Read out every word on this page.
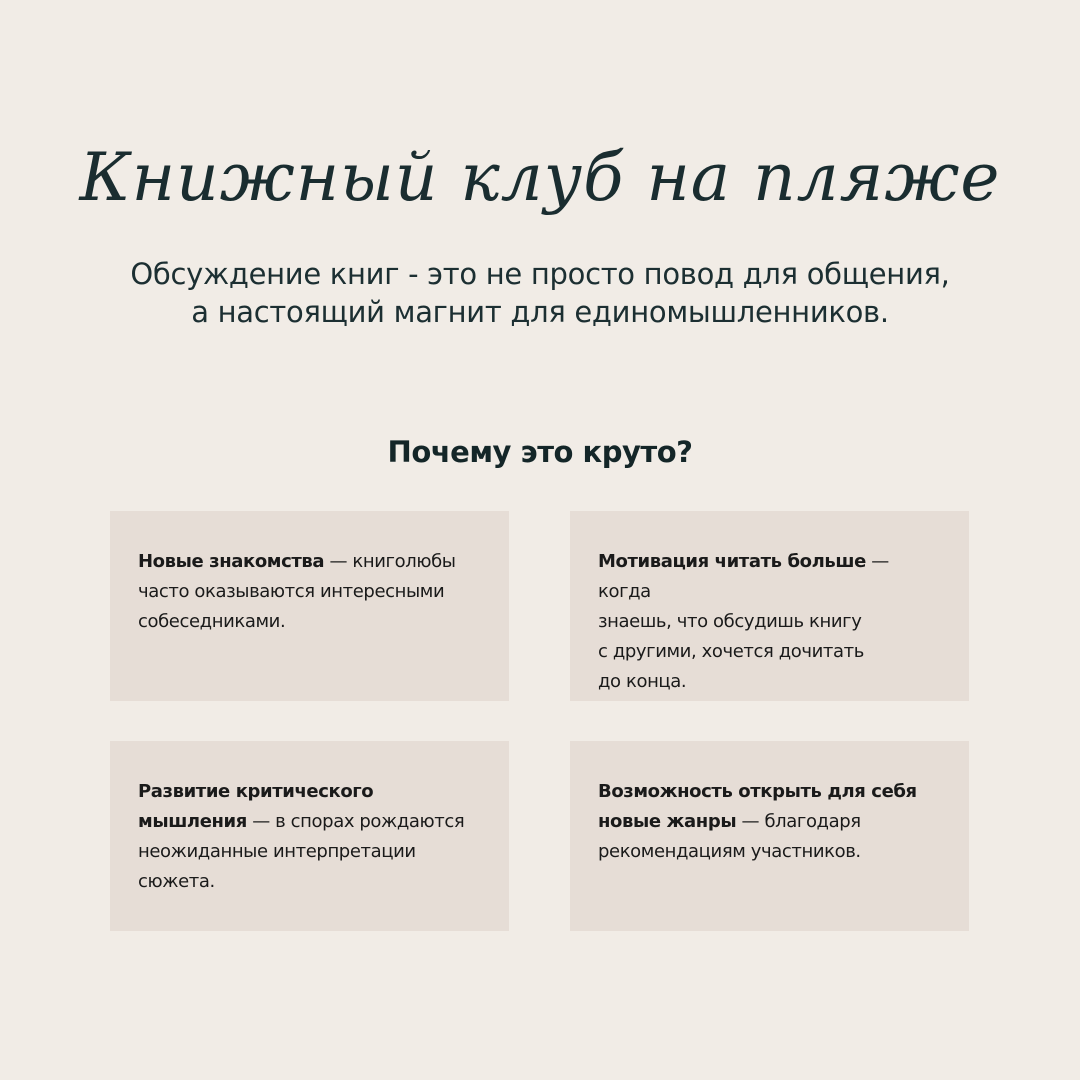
Книжный клуб на пляже

Обсуждение книг - это не просто повод для общения,
а настоящий магнит для единомышленников.

Почему это круто?
Новые знакомства — книголюбы
часто оказываются интересными
собеседниками.
Мотивация читать больше — когда
знаешь, что обсудишь книгу
с другими, хочется дочитать
до конца.
Развитие критического
мышления — в спорах рождаются
неожиданные интерпретации
сюжета.
Возможность открыть для себя
новые жанры — благодаря
рекомендациям участников.
